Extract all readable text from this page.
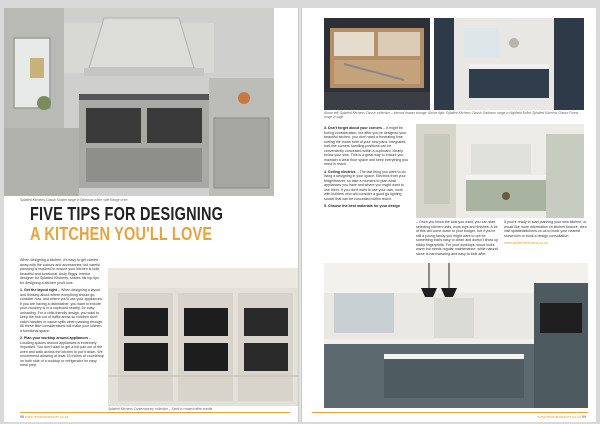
Splatted Kitchens Classic Shaker range in Dartmoor white, with Range oven
FIVE TIPS FOR DESIGNING
A KITCHEN YOU'LL LOVE

When designing a kitchen, it's easy to get carried away with the colours and accessories, but careful planning is required to ensure your kitchen is both beautiful and functional. Andy Riggs, Interior designer for Splatted Kitchens, shares his top tips for designing a kitchen you'll love.

1. Get the layout right – When designing a layout and thinking about where everything should go, consider how, and where you'll use your appliances. If you are having a dishwasher, you want to ensure your crockery is in a cupboard nearby, for easy unloading. For a child-friendly design, you want to keep the hob out of traffic areas so children don't catch handles or cause spills when passing through. All these little considerations will make your kitchen a functional space.

2. Plan your worktop around appliances – Locating spaces around appliances is extremely important. You don't want to get a hot pan out of the oven and walk across the kitchen to put it down. We recommend allowing at least 15 inches of countertop on both side of a cooktop or refrigerator for easy meal prep.

Splatted Kitchens Contemporary collection – Sedd in cream/coffee mantle
98 www.refurbandestore.co.uk
Above left: Splatted Kitchens Classic collection – Internal drawer storage. Above right: Splatted Kitchens Classic Dartmoor range in Highfield Bullet. Splatted Kitchens Classic Forest range in sage

3. Don't forget about your corners – It might be boring consideration, but after you've designed your beautiful kitchen, you don't want a frustrating time sorting the moan both of your new pans. Integrated, half-rise corners handling positions can be conveniently concealed within a cupboard, clearly below your sink. This is a great way to ensure you maintain a clear floor space and keep everything you need in reach.

4. Ceiling electrics – The last thing you want to do living a designing in your space. Electrics from your fridge/freezer, so take a moment to plan what appliances you have and where you might want to use them. If you don't want to use your own, work with builders who will consider a good go lighting socket that can be concealed within reach.

5. Choose the best materials for your design

– Once you know the look you want, you can start selecting kitchen units, work tops and finishes. A lot of this will come down to your budget, but if you're still a young family you might want to opt for something that's easy to clean and doesn't show up sticky fingerprints. For your worktops, wood looks warm but needs regular maintenance, while natural stone is hard wearing and easy to look after.

If you're ready to start planning your new kitchen, or would like more information on kitchen finance, then visit splattedkitchens.co.uk to book your nearest showroom or book a design consultation.

www.splattedkitchens.co.uk

www.refurbandestore.co.uk 99
